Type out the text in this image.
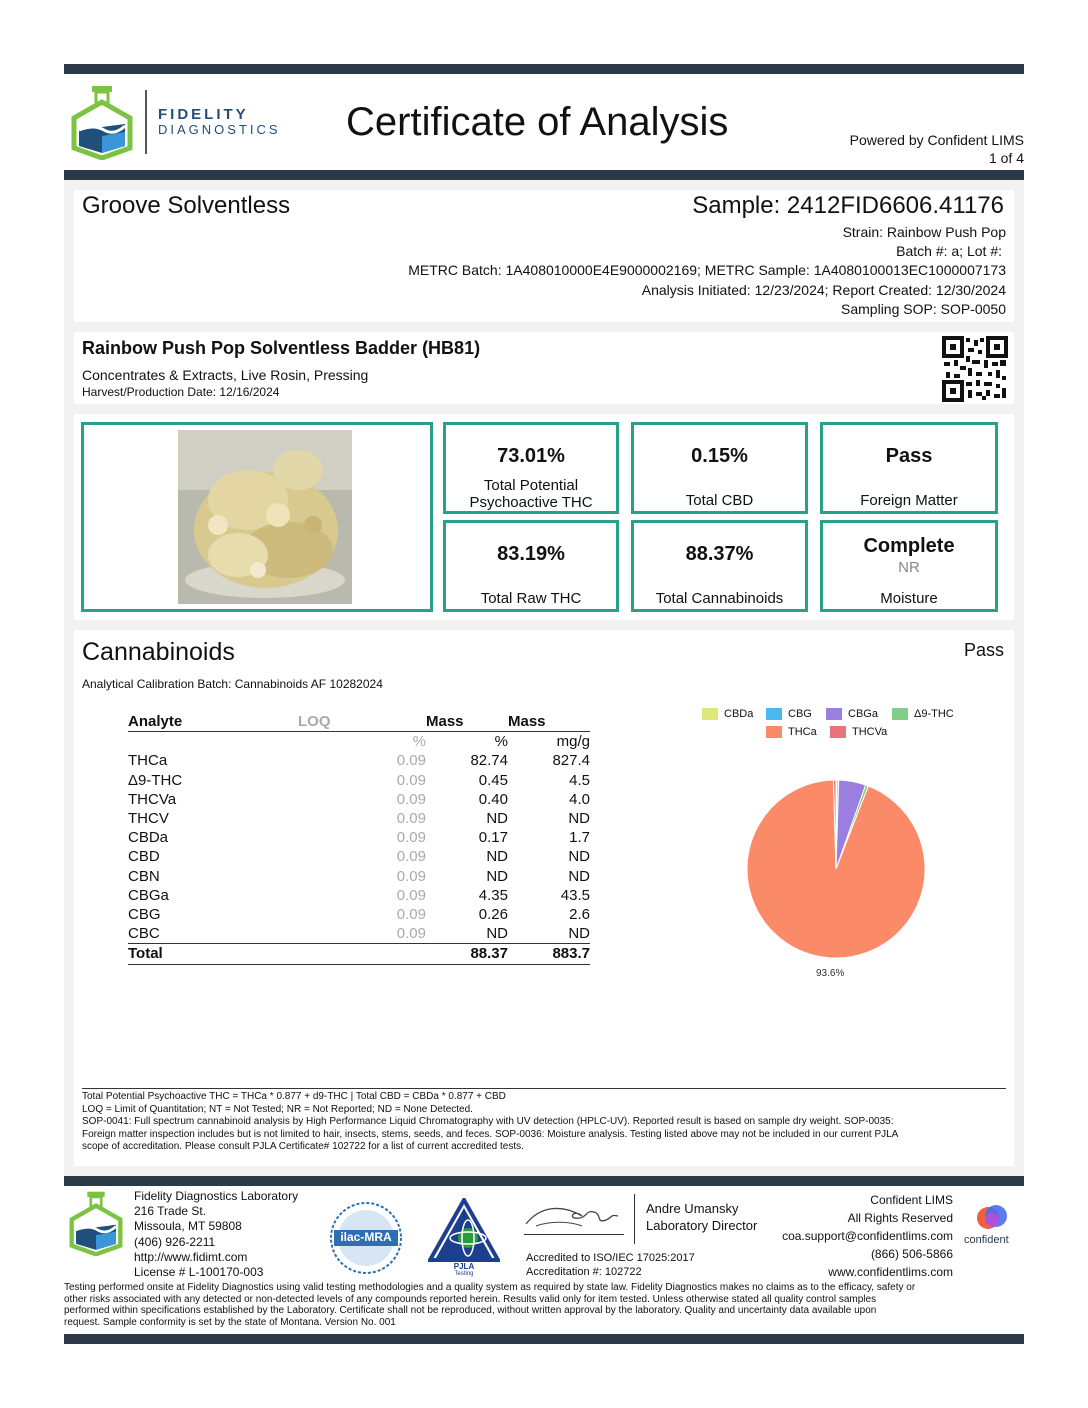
FIDELITY
DIAGNOSTICS Certificate of Analysis	Powered by Confident LIMS
1 of 4
Groove Solventless	Sample: 2412FID6606.41176
Strain: Rainbow Push Pop
Batch #: a; Lot #:
METRC Batch: 1A408010000E4E9000002169; METRC Sample: 1A4080100013EC1000007173
Analysis Initiated: 12/23/2024; Report Created: 12/30/2024
Sampling SOP: SOP-0050
Rainbow Push Pop Solventless Badder (HB81)
Concentrates & Extracts, Live Rosin, Pressing
Harvest/Production Date: 12/16/2024
73.01%
Total Potential
Psychoactive THC
0.15%
Total CBD
Pass
Foreign Matter
83.19%
Total Raw THC
88.37%
Total Cannabinoids
Complete
NR
Moisture
Cannabinoids	Pass
Analytical Calibration Batch: Cannabinoids AF 10282024
CBDa	CBG	CBGa	Δ9-THC
THCa	THCVa
Total Potential Psychoactive THC = THCa * 0.877 + d9-THC | Total CBD = CBDa * 0.877 + CBD
LOQ = Limit of Quantitation; NT = Not Tested; NR = Not Reported; ND = None Detected.
SOP-0041: Full spectrum cannabinoid analysis by High Performance Liquid Chromatography with UV detection (HPLC-UV). Reported result is based on sample dry weight. SOP-0035:
Foreign matter inspection includes but is not limited to hair, insects, stems, seeds, and feces. SOP-0036: Moisture analysis. Testing listed above may not be included in our current PJLA
scope of accreditation. Please consult PJLA Certificate# 102722 for a list of current accredited tests.
Analyte	LOQ	Mass	Mass
	%	%	mg/g
THCa	0.09	82.74	827.4
Δ9-THC	0.09	0.45	4.5
THCVa	0.09	0.40	4.0
THCV	0.09	ND	ND
CBDa	0.09	0.17	1.7
CBD	0.09	ND	ND
CBN	0.09	ND	ND
CBGa	0.09	4.35	43.5
CBG	0.09	0.26	2.6
CBC	0.09	ND	ND
Total		88.37	883.7
93.6%
Fidelity Diagnostics Laboratory
216 Trade St.
Missoula, MT 59808
(406) 926-2211
http://www.fidimt.com
License # L-100170-003
ilac-MRA
PJLA
Testing
Andre Umansky
Laboratory Director
Accredited to ISO/IEC 17025:2017
Accreditation #: 102722
Confident LIMS
All Rights Reserved
coa.support@confidentlims.com
(866) 506-5866
www.confidentlims.com
confident
Testing performed onsite at Fidelity Diagnostics using valid testing methodologies and a quality system as required by state law. Fidelity Diagnostics makes no claims as to the efficacy, safety or
other risks associated with any detected or non-detected levels of any compounds reported herein. Results valid only for item tested. Unless otherwise stated all quality control samples
performed within specifications established by the Laboratory. Certificate shall not be reproduced, without written approval by the laboratory. Quality and uncertainty data available upon
request. Sample conformity is set by the state of Montana. Version No. 001
